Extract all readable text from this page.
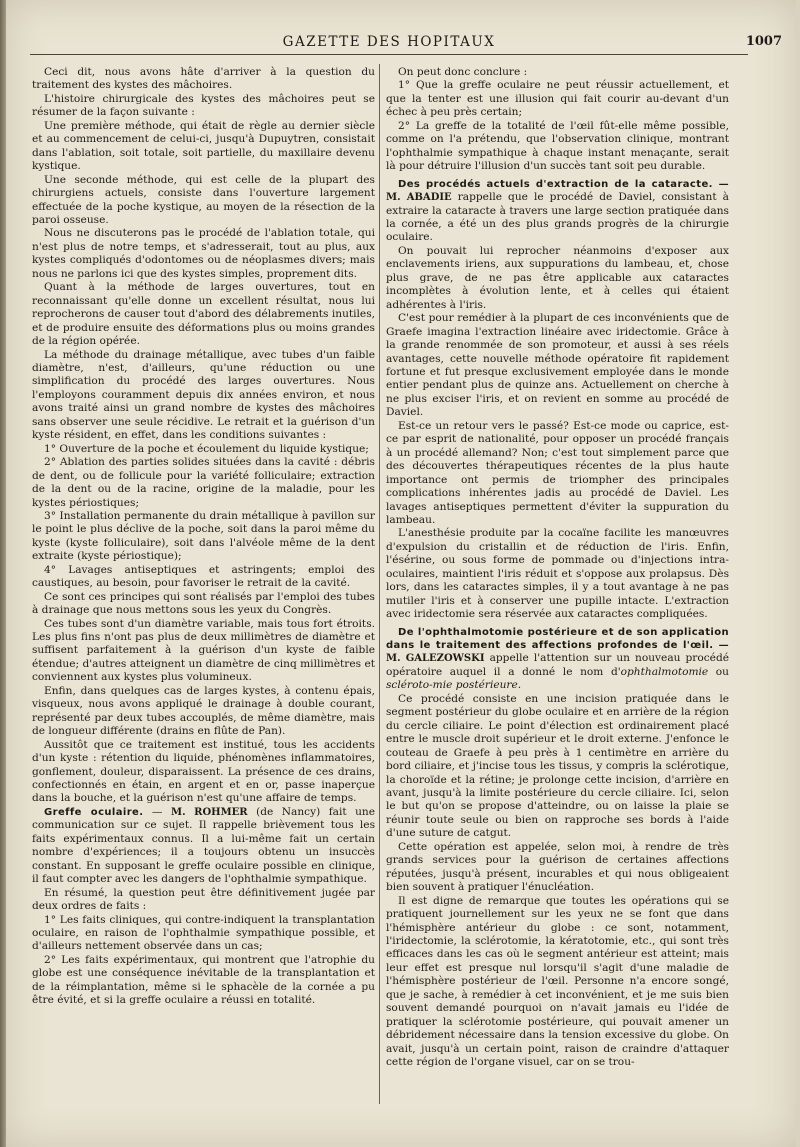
GAZETTE DES HOPITAUX	1007

Ceci dit, nous avons hâte d'arriver à la question du traitement des kystes des mâchoires.

L'histoire chirurgicale des kystes des mâchoires peut se résumer de la façon suivante :

Une première méthode, qui était de règle au dernier siècle et au commencement de celui-ci, jusqu'à Dupuytren, consistait dans l'ablation, soit totale, soit partielle, du maxillaire devenu kystique.

Une seconde méthode, qui est celle de la plupart des chirurgiens actuels, consiste dans l'ouverture largement effectuée de la poche kystique, au moyen de la résection de la paroi osseuse.

Nous ne discuterons pas le procédé de l'ablation totale, qui n'est plus de notre temps, et s'adresserait, tout au plus, aux kystes compliqués d'odontomes ou de néoplasmes divers; mais nous ne parlons ici que des kystes simples, proprement dits.

Quant à la méthode de larges ouvertures, tout en reconnaissant qu'elle donne un excellent résultat, nous lui reprocherons de causer tout d'abord des délabrements inutiles, et de produire ensuite des déformations plus ou moins grandes de la région opérée.

La méthode du drainage métallique, avec tubes d'un faible diamètre, n'est, d'ailleurs, qu'une réduction ou une simplification du procédé des larges ouvertures. Nous l'employons couramment depuis dix années environ, et nous avons traité ainsi un grand nombre de kystes des mâchoires sans observer une seule récidive. Le retrait et la guérison d'un kyste résident, en effet, dans les conditions suivantes :

1° Ouverture de la poche et écoulement du liquide kystique;

2° Ablation des parties solides situées dans la cavité : débris de dent, ou de follicule pour la variété folliculaire; extraction de la dent ou de la racine, origine de la maladie, pour les kystes périostiques;

3° Installation permanente du drain métallique à pavillon sur le point le plus déclive de la poche, soit dans la paroi même du kyste (kyste folliculaire), soit dans l'alvéole même de la dent extraite (kyste périostique);

4° Lavages antiseptiques et astringents; emploi des caustiques, au besoin, pour favoriser le retrait de la cavité.

Ce sont ces principes qui sont réalisés par l'emploi des tubes à drainage que nous mettons sous les yeux du Congrès.

Ces tubes sont d'un diamètre variable, mais tous fort étroits. Les plus fins n'ont pas plus de deux millimètres de diamètre et suffisent parfaitement à la guérison d'un kyste de faible étendue; d'autres atteignent un diamètre de cinq millimètres et conviennent aux kystes plus volumineux.

Enfin, dans quelques cas de larges kystes, à contenu épais, visqueux, nous avons appliqué le drainage à double courant, représenté par deux tubes accouplés, de même diamètre, mais de longueur différente (drains en flûte de Pan).

Aussitôt que ce traitement est institué, tous les accidents d'un kyste : rétention du liquide, phénomènes inflammatoires, gonflement, douleur, disparaissent. La présence de ces drains, confectionnés en étain, en argent et en or, passe inaperçue dans la bouche, et la guérison n'est qu'une affaire de temps.

Greffe oculaire. — M. ROHMER (de Nancy) fait une communication sur ce sujet. Il rappelle brièvement tous les faits expérimentaux connus. Il a lui-même fait un certain nombre d'expériences; il a toujours obtenu un insuccès constant. En supposant le greffe oculaire possible en clinique, il faut compter avec les dangers de l'ophthalmie sympathique.

En résumé, la question peut être définitivement jugée par deux ordres de faits :

1° Les faits cliniques, qui contre-indiquent la transplantation oculaire, en raison de l'ophthalmie sympathique possible, et d'ailleurs nettement observée dans un cas;

2° Les faits expérimentaux, qui montrent que l'atrophie du globe est une conséquence inévitable de la transplantation et de la réimplantation, même si le sphacèle de la cornée a pu être évité, et si la greffe oculaire a réussi en totalité.

On peut donc conclure :

1° Que la greffe oculaire ne peut réussir actuellement, et que la tenter est une illusion qui fait courir au-devant d'un échec à peu près certain;

2° La greffe de la totalité de l'œil fût-elle même possible, comme on l'a prétendu, que l'observation clinique, montrant l'ophthalmie sympathique à chaque instant menaçante, serait là pour détruire l'illusion d'un succès tant soit peu durable.

Des procédés actuels d'extraction de la cataracte. — M. ABADIE rappelle que le procédé de Daviel, consistant à extraire la cataracte à travers une large section pratiquée dans la cornée, a été un des plus grands progrès de la chirurgie oculaire.

On pouvait lui reprocher néanmoins d'exposer aux enclavements iriens, aux suppurations du lambeau, et, chose plus grave, de ne pas être applicable aux cataractes incomplètes à évolution lente, et à celles qui étaient adhérentes à l'iris.

C'est pour remédier à la plupart de ces inconvénients que de Graefe imagina l'extraction linéaire avec iridectomie. Grâce à la grande renommée de son promoteur, et aussi à ses réels avantages, cette nouvelle méthode opératoire fit rapidement fortune et fut presque exclusivement employée dans le monde entier pendant plus de quinze ans. Actuellement on cherche à ne plus exciser l'iris, et on revient en somme au procédé de Daviel.

Est-ce un retour vers le passé? Est-ce mode ou caprice, est-ce par esprit de nationalité, pour opposer un procédé français à un procédé allemand? Non; c'est tout simplement parce que des découvertes thérapeutiques récentes de la plus haute importance ont permis de triompher des principales complications inhérentes jadis au procédé de Daviel. Les lavages antiseptiques permettent d'éviter la suppuration du lambeau.

L'anesthésie produite par la cocaïne facilite les manœuvres d'expulsion du cristallin et de réduction de l'iris. Enfin, l'ésérine, ou sous forme de pommade ou d'injections intra-oculaires, maintient l'iris réduit et s'oppose aux prolapsus. Dès lors, dans les cataractes simples, il y a tout avantage à ne pas mutiler l'iris et à conserver une pupille intacte. L'extraction avec iridectomie sera réservée aux cataractes compliquées.

De l'ophthalmotomie postérieure et de son application dans le traitement des affections profondes de l'œil. — M. GALEZOWSKI appelle l'attention sur un nouveau procédé opératoire auquel il a donné le nom d'ophthalmotomie ou scléroto-mie postérieure.

Ce procédé consiste en une incision pratiquée dans le segment postérieur du globe oculaire et en arrière de la région du cercle ciliaire. Le point d'élection est ordinairement placé entre le muscle droit supérieur et le droit externe. J'enfonce le couteau de Graefe à peu près à 1 centimètre en arrière du bord ciliaire, et j'incise tous les tissus, y compris la sclérotique, la choroïde et la rétine; je prolonge cette incision, d'arrière en avant, jusqu'à la limite postérieure du cercle ciliaire. Ici, selon le but qu'on se propose d'atteindre, ou on laisse la plaie se réunir toute seule ou bien on rapproche ses bords à l'aide d'une suture de catgut.

Cette opération est appelée, selon moi, à rendre de très grands services pour la guérison de certaines affections réputées, jusqu'à présent, incurables et qui nous obligeaient bien souvent à pratiquer l'énucléation.

Il est digne de remarque que toutes les opérations qui se pratiquent journellement sur les yeux ne se font que dans l'hémisphère antérieur du globe : ce sont, notamment, l'iridectomie, la sclérotomie, la kératotomie, etc., qui sont très efficaces dans les cas où le segment antérieur est atteint; mais leur effet est presque nul lorsqu'il s'agit d'une maladie de l'hémisphère postérieur de l'œil. Personne n'a encore songé, que je sache, à remédier à cet inconvénient, et je me suis bien souvent demandé pourquoi on n'avait jamais eu l'idée de pratiquer la sclérotomie postérieure, qui pouvait amener un débridement nécessaire dans la tension excessive du globe. On avait, jusqu'à un certain point, raison de craindre d'attaquer cette région de l'organe visuel, car on se trou-
